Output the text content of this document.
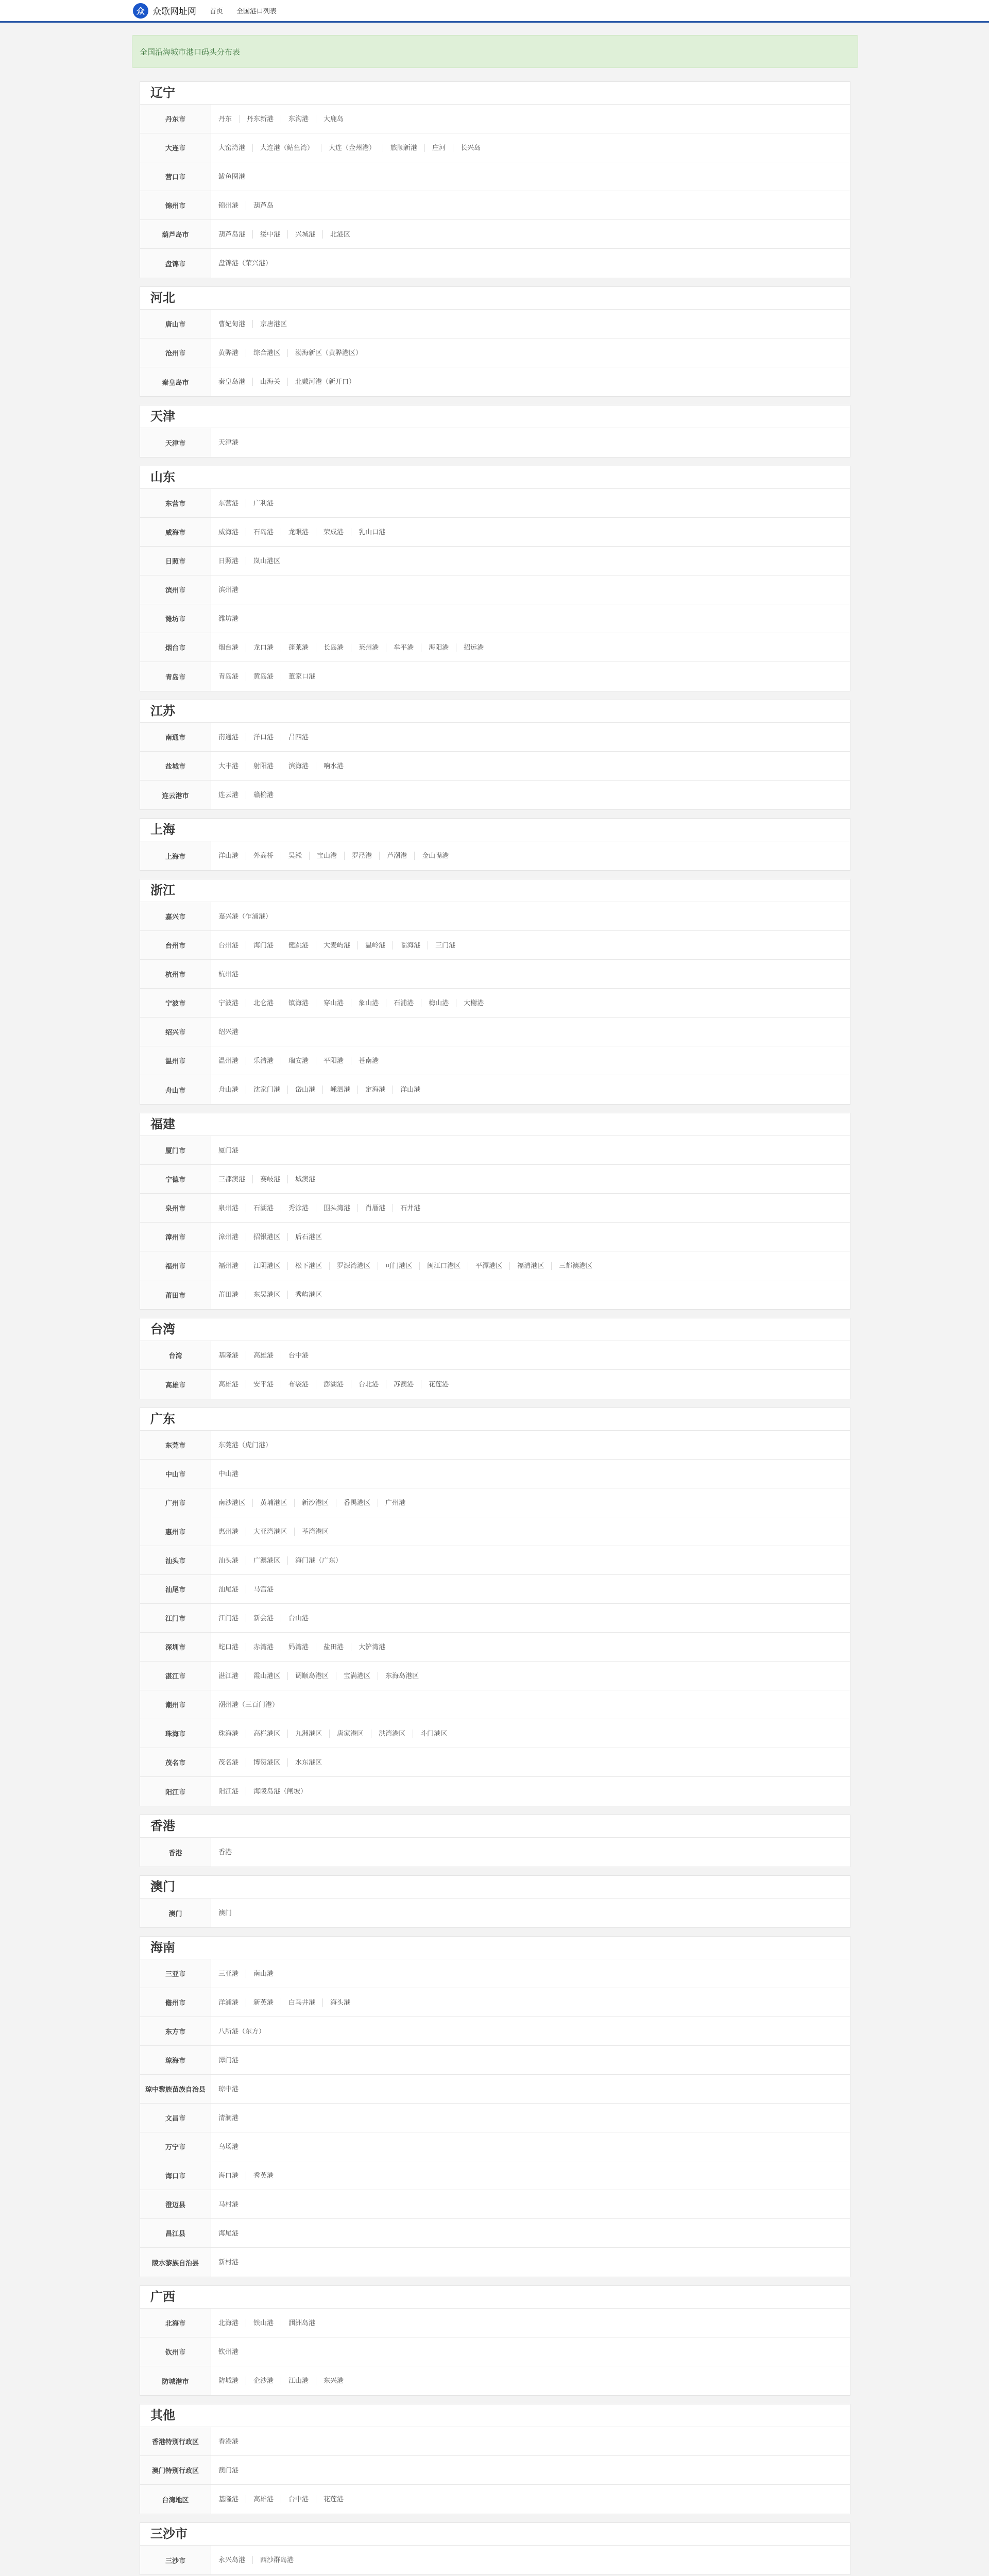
众 众歌网址网 首页 全国港口列表
全国沿海城市港口码头分布表
辽宁
丹东市	丹东	丹东新港	东沟港	大鹿岛
大连市	大窑湾港	大连港（鲇鱼湾）	大连（金州港）	旅顺新港	庄河	长兴岛
营口市	鲅鱼圈港
锦州市	锦州港	葫芦岛
葫芦岛市	葫芦岛港	绥中港	兴城港	北港区
盘锦市	盘锦港（荣兴港）
河北
唐山市	曹妃甸港	京唐港区
沧州市	黄骅港	综合港区	渤海新区（黄骅港区）
秦皇岛市	秦皇岛港	山海关	北戴河港（新开口）
天津
天津市	天津港
山东
东营市	东营港	广利港
威海市	威海港	石岛港	龙眼港	荣成港	乳山口港
日照市	日照港	岚山港区
滨州市	滨州港
潍坊市	潍坊港
烟台市	烟台港	龙口港	蓬莱港	长岛港	莱州港	牟平港	海阳港	招远港
青岛市	青岛港	黄岛港	董家口港
江苏
南通市	南通港	洋口港	吕四港
盐城市	大丰港	射阳港	滨海港	响水港
连云港市	连云港	赣榆港
上海
上海市	洋山港	外高桥	吴淞	宝山港	罗泾港	芦潮港	金山嘴港
浙江
嘉兴市	嘉兴港（乍浦港）
台州市	台州港	海门港	健跳港	大麦屿港	温岭港	临海港	三门港
杭州市	杭州港
宁波市	宁波港	北仑港	镇海港	穿山港	象山港	石浦港	梅山港	大榭港
绍兴市	绍兴港
温州市	温州港	乐清港	瑞安港	平阳港	苍南港
舟山市	舟山港	沈家门港	岱山港	嵊泗港	定海港	洋山港
福建
厦门市	厦门港
宁德市	三都澳港	赛岐港	城澳港
泉州市	泉州港	石湖港	秀涂港	围头湾港	肖厝港	石井港
漳州市	漳州港	招银港区	后石港区
福州市	福州港	江阴港区	松下港区	罗源湾港区	可门港区	闽江口港区	平潭港区	福清港区	三都澳港区
莆田市	莆田港	东吴港区	秀屿港区
台湾
台湾	基隆港	高雄港	台中港
高雄市	高雄港	安平港	布袋港	澎湖港	台北港	苏澳港	花莲港
广东
东莞市	东莞港（虎门港）
中山市	中山港
广州市	南沙港区	黄埔港区	新沙港区	番禺港区	广州港
惠州市	惠州港	大亚湾港区	荃湾港区
汕头市	汕头港	广澳港区	海门港（广东）
汕尾市	汕尾港	马宫港
江门市	江门港	新会港	台山港
深圳市	蛇口港	赤湾港	妈湾港	盐田港	大铲湾港
湛江市	湛江港	霞山港区	调顺岛港区	宝满港区	东海岛港区
潮州市	潮州港（三百门港）
珠海市	珠海港	高栏港区	九洲港区	唐家港区	洪湾港区	斗门港区
茂名市	茂名港	博贺港区	水东港区
阳江市	阳江港	海陵岛港（闸坡）
香港
香港	香港
澳门
澳门	澳门
海南
三亚市	三亚港	南山港
儋州市	洋浦港	新英港	白马井港	海头港
东方市	八所港（东方）
琼海市	潭门港
琼中黎族苗族自治县	琼中港
文昌市	清澜港
万宁市	乌场港
海口市	海口港	秀英港
澄迈县	马村港
昌江县	海尾港
陵水黎族自治县	新村港
广西
北海市	北海港	铁山港	涠洲岛港
钦州市	钦州港
防城港市	防城港	企沙港	江山港	东兴港
其他
香港特别行政区	香港港
澳门特别行政区	澳门港
台湾地区	基隆港	高雄港	台中港	花莲港
三沙市
三沙市	永兴岛港	西沙群岛港
